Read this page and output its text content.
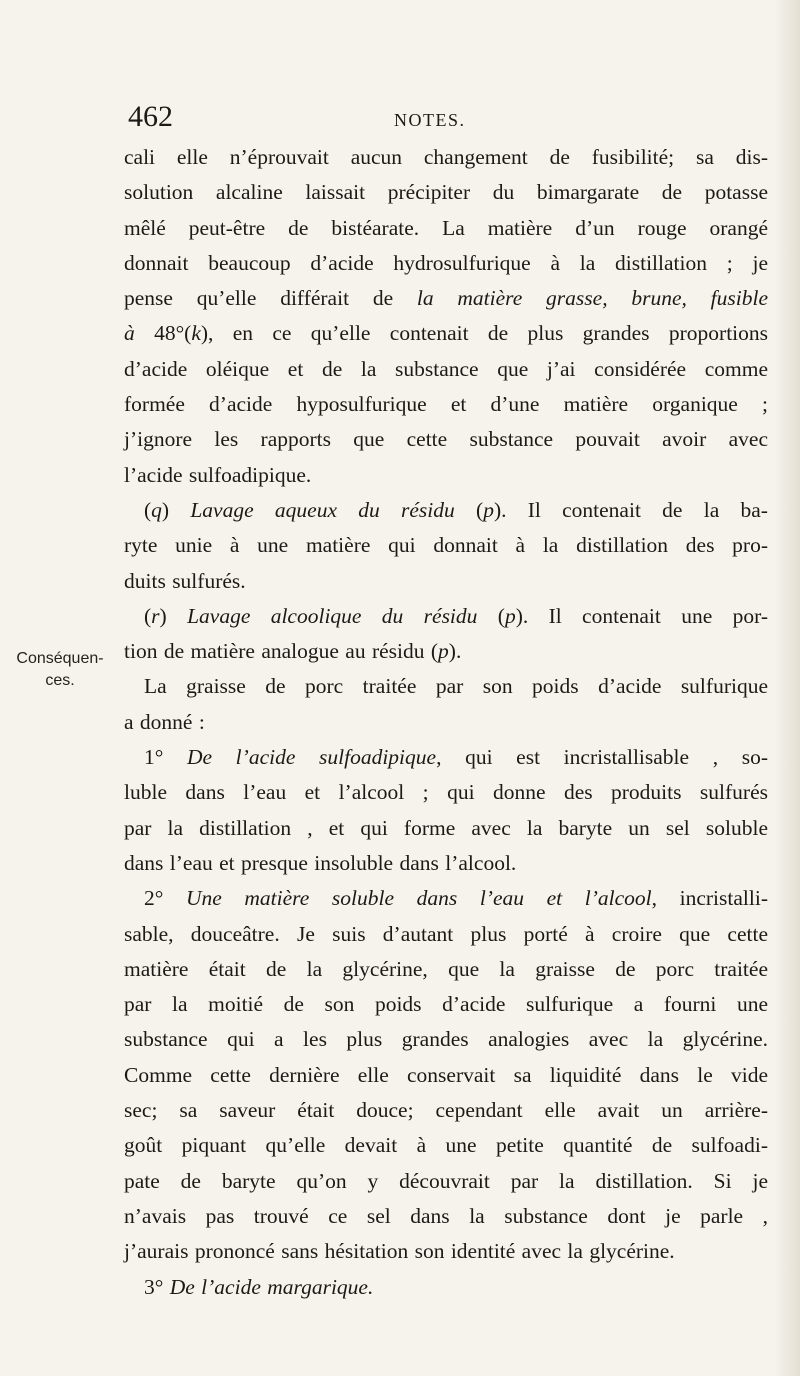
462	NOTES.
Conséquen-
ces.
cali elle n’éprouvait aucun changement de fusibilité; sa dis-
solution alcaline laissait précipiter du bimargarate de potasse
mêlé peut-être de bistéarate. La matière d’un rouge orangé
donnait beaucoup d’acide hydrosulfurique à la distillation ; je
pense qu’elle différait de la matière grasse, brune, fusible
à 48°(k), en ce qu’elle contenait de plus grandes proportions
d’acide oléique et de la substance que j’ai considérée comme
formée d’acide hyposulfurique et d’une matière organique ;
j’ignore les rapports que cette substance pouvait avoir avec
l’acide sulfoadipique.
(q) Lavage aqueux du résidu (p). Il contenait de la ba-
ryte unie à une matière qui donnait à la distillation des pro-
duits sulfurés.
(r) Lavage alcoolique du résidu (p). Il contenait une por-
tion de matière analogue au résidu (p).
La graisse de porc traitée par son poids d’acide sulfurique
a donné :
1° De l’acide sulfoadipique, qui est incristallisable , so-
luble dans l’eau et l’alcool ; qui donne des produits sulfurés
par la distillation , et qui forme avec la baryte un sel soluble
dans l’eau et presque insoluble dans l’alcool.
2° Une matière soluble dans l’eau et l’alcool, incristalli-
sable, douceâtre. Je suis d’autant plus porté à croire que cette
matière était de la glycérine, que la graisse de porc traitée
par la moitié de son poids d’acide sulfurique a fourni une
substance qui a les plus grandes analogies avec la glycérine.
Comme cette dernière elle conservait sa liquidité dans le vide
sec; sa saveur était douce; cependant elle avait un arrière-
goût piquant qu’elle devait à une petite quantité de sulfoadi-
pate de baryte qu’on y découvrait par la distillation. Si je
n’avais pas trouvé ce sel dans la substance dont je parle ,
j’aurais prononcé sans hésitation son identité avec la glycérine.
3° De l’acide margarique.
